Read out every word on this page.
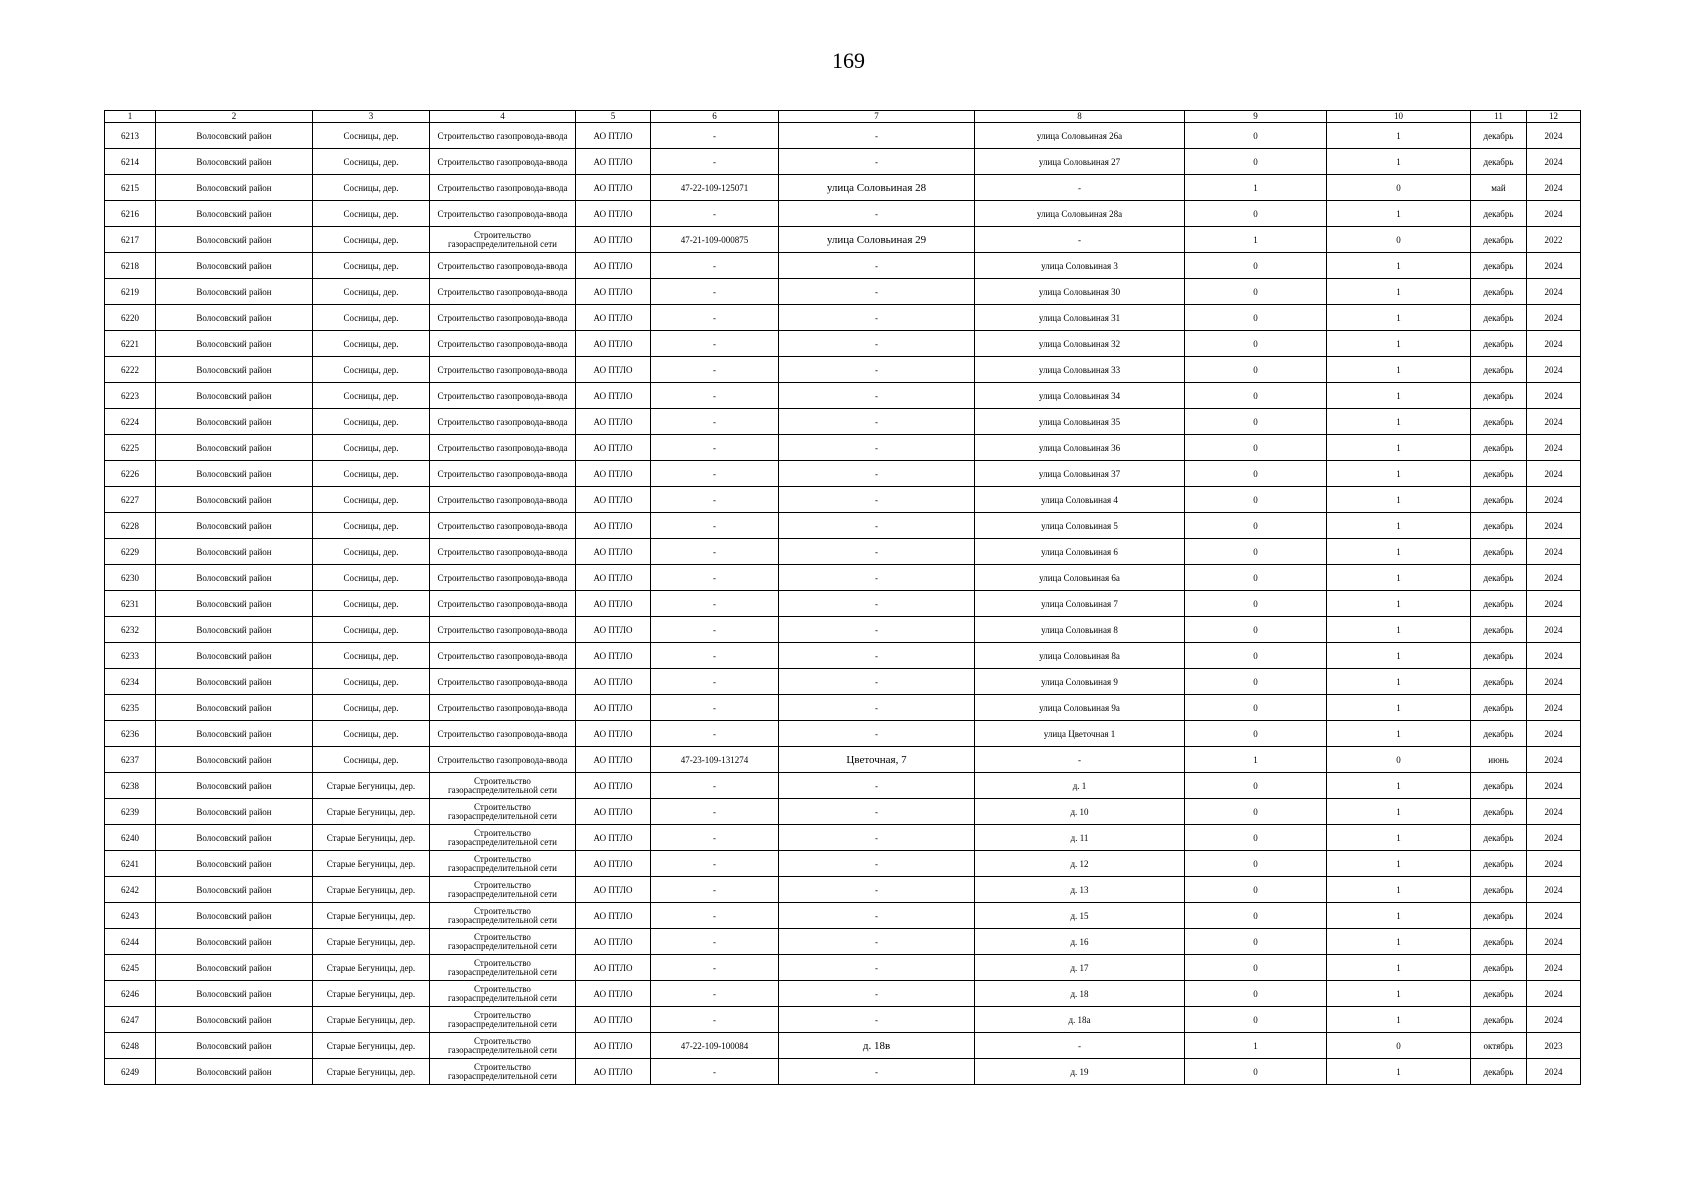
169
1	2	3	4	5	6	7	8	9	10	11	12
6213	Волосовский район	Сосницы, дер.	Строительство газопровода-ввода	АО ПТЛО	-	-	улица Соловьиная 26а	0	1	декабрь	2024
6214	Волосовский район	Сосницы, дер.	Строительство газопровода-ввода	АО ПТЛО	-	-	улица Соловьиная 27	0	1	декабрь	2024
6215	Волосовский район	Сосницы, дер.	Строительство газопровода-ввода	АО ПТЛО	47-22-109-125071	улица Соловьиная 28	-	1	0	май	2024
6216	Волосовский район	Сосницы, дер.	Строительство газопровода-ввода	АО ПТЛО	-	-	улица Соловьиная 28а	0	1	декабрь	2024
6217	Волосовский район	Сосницы, дер.	Строительство газораспределительной сети	АО ПТЛО	47-21-109-000875	улица Соловьиная 29	-	1	0	декабрь	2022
6218	Волосовский район	Сосницы, дер.	Строительство газопровода-ввода	АО ПТЛО	-	-	улица Соловьиная 3	0	1	декабрь	2024
6219	Волосовский район	Сосницы, дер.	Строительство газопровода-ввода	АО ПТЛО	-	-	улица Соловьиная 30	0	1	декабрь	2024
6220	Волосовский район	Сосницы, дер.	Строительство газопровода-ввода	АО ПТЛО	-	-	улица Соловьиная 31	0	1	декабрь	2024
6221	Волосовский район	Сосницы, дер.	Строительство газопровода-ввода	АО ПТЛО	-	-	улица Соловьиная 32	0	1	декабрь	2024
6222	Волосовский район	Сосницы, дер.	Строительство газопровода-ввода	АО ПТЛО	-	-	улица Соловьиная 33	0	1	декабрь	2024
6223	Волосовский район	Сосницы, дер.	Строительство газопровода-ввода	АО ПТЛО	-	-	улица Соловьиная 34	0	1	декабрь	2024
6224	Волосовский район	Сосницы, дер.	Строительство газопровода-ввода	АО ПТЛО	-	-	улица Соловьиная 35	0	1	декабрь	2024
6225	Волосовский район	Сосницы, дер.	Строительство газопровода-ввода	АО ПТЛО	-	-	улица Соловьиная 36	0	1	декабрь	2024
6226	Волосовский район	Сосницы, дер.	Строительство газопровода-ввода	АО ПТЛО	-	-	улица Соловьиная 37	0	1	декабрь	2024
6227	Волосовский район	Сосницы, дер.	Строительство газопровода-ввода	АО ПТЛО	-	-	улица Соловьиная 4	0	1	декабрь	2024
6228	Волосовский район	Сосницы, дер.	Строительство газопровода-ввода	АО ПТЛО	-	-	улица Соловьиная 5	0	1	декабрь	2024
6229	Волосовский район	Сосницы, дер.	Строительство газопровода-ввода	АО ПТЛО	-	-	улица Соловьиная 6	0	1	декабрь	2024
6230	Волосовский район	Сосницы, дер.	Строительство газопровода-ввода	АО ПТЛО	-	-	улица Соловьиная 6а	0	1	декабрь	2024
6231	Волосовский район	Сосницы, дер.	Строительство газопровода-ввода	АО ПТЛО	-	-	улица Соловьиная 7	0	1	декабрь	2024
6232	Волосовский район	Сосницы, дер.	Строительство газопровода-ввода	АО ПТЛО	-	-	улица Соловьиная 8	0	1	декабрь	2024
6233	Волосовский район	Сосницы, дер.	Строительство газопровода-ввода	АО ПТЛО	-	-	улица Соловьиная 8а	0	1	декабрь	2024
6234	Волосовский район	Сосницы, дер.	Строительство газопровода-ввода	АО ПТЛО	-	-	улица Соловьиная 9	0	1	декабрь	2024
6235	Волосовский район	Сосницы, дер.	Строительство газопровода-ввода	АО ПТЛО	-	-	улица Соловьиная 9а	0	1	декабрь	2024
6236	Волосовский район	Сосницы, дер.	Строительство газопровода-ввода	АО ПТЛО	-	-	улица Цветочная 1	0	1	декабрь	2024
6237	Волосовский район	Сосницы, дер.	Строительство газопровода-ввода	АО ПТЛО	47-23-109-131274	Цветочная, 7	-	1	0	июнь	2024
6238	Волосовский район	Старые Бегуницы, дер.	Строительство газораспределительной сети	АО ПТЛО	-	-	д. 1	0	1	декабрь	2024
6239	Волосовский район	Старые Бегуницы, дер.	Строительство газораспределительной сети	АО ПТЛО	-	-	д. 10	0	1	декабрь	2024
6240	Волосовский район	Старые Бегуницы, дер.	Строительство газораспределительной сети	АО ПТЛО	-	-	д. 11	0	1	декабрь	2024
6241	Волосовский район	Старые Бегуницы, дер.	Строительство газораспределительной сети	АО ПТЛО	-	-	д. 12	0	1	декабрь	2024
6242	Волосовский район	Старые Бегуницы, дер.	Строительство газораспределительной сети	АО ПТЛО	-	-	д. 13	0	1	декабрь	2024
6243	Волосовский район	Старые Бегуницы, дер.	Строительство газораспределительной сети	АО ПТЛО	-	-	д. 15	0	1	декабрь	2024
6244	Волосовский район	Старые Бегуницы, дер.	Строительство газораспределительной сети	АО ПТЛО	-	-	д. 16	0	1	декабрь	2024
6245	Волосовский район	Старые Бегуницы, дер.	Строительство газораспределительной сети	АО ПТЛО	-	-	д. 17	0	1	декабрь	2024
6246	Волосовский район	Старые Бегуницы, дер.	Строительство газораспределительной сети	АО ПТЛО	-	-	д. 18	0	1	декабрь	2024
6247	Волосовский район	Старые Бегуницы, дер.	Строительство газораспределительной сети	АО ПТЛО	-	-	д. 18а	0	1	декабрь	2024
6248	Волосовский район	Старые Бегуницы, дер.	Строительство газораспределительной сети	АО ПТЛО	47-22-109-100084	д. 18в	-	1	0	октябрь	2023
6249	Волосовский район	Старые Бегуницы, дер.	Строительство газораспределительной сети	АО ПТЛО	-	-	д. 19	0	1	декабрь	2024
